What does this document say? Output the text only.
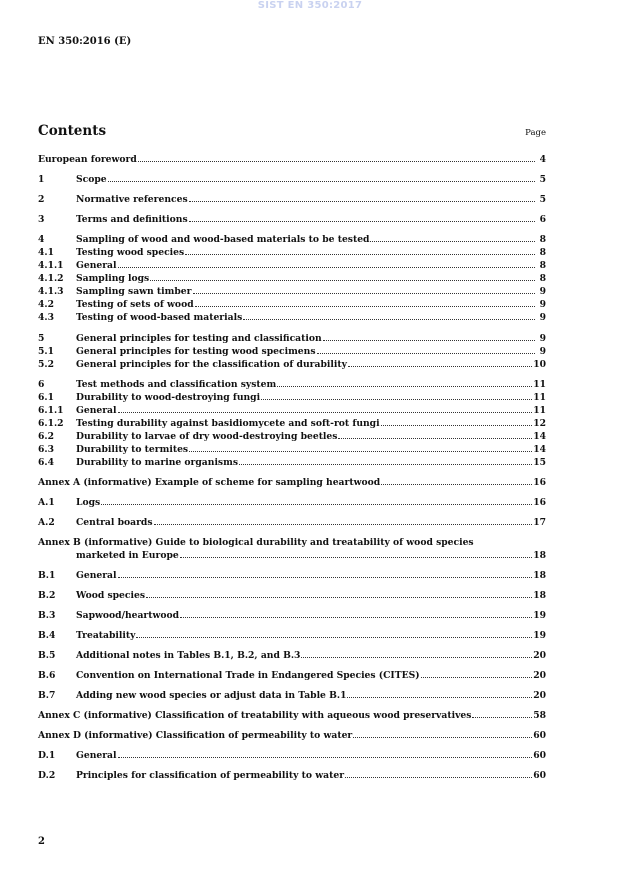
SIST EN 350:2017
EN 350:2016 (E)
Contents	Page
European foreword	4
1	Scope	5
2	Normative references	5
3	Terms and definitions	6
4	Sampling of wood and wood-based materials to be tested	8
4.1	Testing wood species	8
4.1.1	General	8
4.1.2	Sampling logs	8
4.1.3	Sampling sawn timber	9
4.2	Testing of sets of wood	9
4.3	Testing of wood-based materials	9
5	General principles for testing and classification	9
5.1	General principles for testing wood specimens	9
5.2	General principles for the classification of durability	10
6	Test methods and classification system	11
6.1	Durability to wood-destroying fungi	11
6.1.1	General	11
6.1.2	Testing durability against basidiomycete and soft-rot fungi	12
6.2	Durability to larvae of dry wood-destroying beetles	14
6.3	Durability to termites	14
6.4	Durability to marine organisms	15
Annex A (informative) Example of scheme for sampling heartwood	16
A.1	Logs	16
A.2	Central boards	17
Annex B (informative) Guide to biological durability and treatability of wood species
marketed in Europe	18
B.1	General	18
B.2	Wood species	18
B.3	Sapwood/heartwood	19
B.4	Treatability	19
B.5	Additional notes in Tables B.1, B.2, and B.3	20
B.6	Convention on International Trade in Endangered Species (CITES)	20
B.7	Adding new wood species or adjust data in Table B.1	20
Annex C (informative) Classification of treatability with aqueous wood preservatives	58
Annex D (informative) Classification of permeability to water	60
D.1	General	60
D.2	Principles for classification of permeability to water	60
2
